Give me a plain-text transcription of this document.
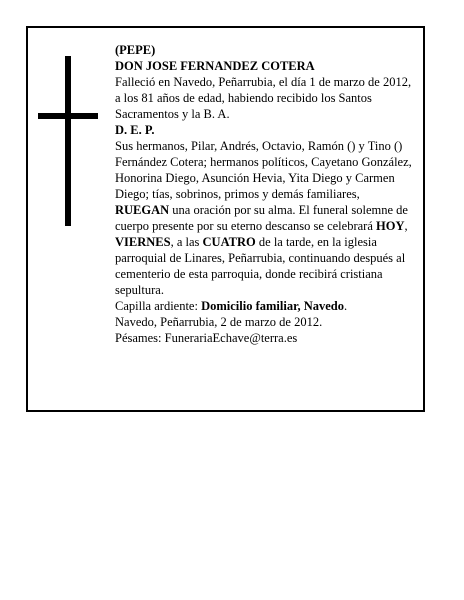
(PEPE)

DON JOSE FERNANDEZ COTERA

Falleció en Navedo, Peñarrubia, el día 1 de marzo de 2012,

a los 81 años de edad, habiendo recibido los Santos Sacramentos y la B. A.

D. E. P.

Sus hermanos, Pilar, Andrés, Octavio, Ramón () y Tino () Fernández Cotera; hermanos políticos, Cayetano González, Honorina Diego, Asunción Hevia, Yita Diego y Carmen Diego; tías, sobrinos, primos y demás familiares,

RUEGAN una oración por su alma. El funeral solemne de cuerpo presente por su eterno descanso se celebrará HOY, VIERNES, a las CUATRO de la tarde, en la iglesia parroquial de Linares, Peñarrubia, continuando después al cementerio de esta parroquia, donde recibirá cristiana sepultura.

Capilla ardiente: Domicilio familiar, Navedo.

Navedo, Peñarrubia, 2 de marzo de 2012.

Pésames: FunerariaEchave@terra.es
